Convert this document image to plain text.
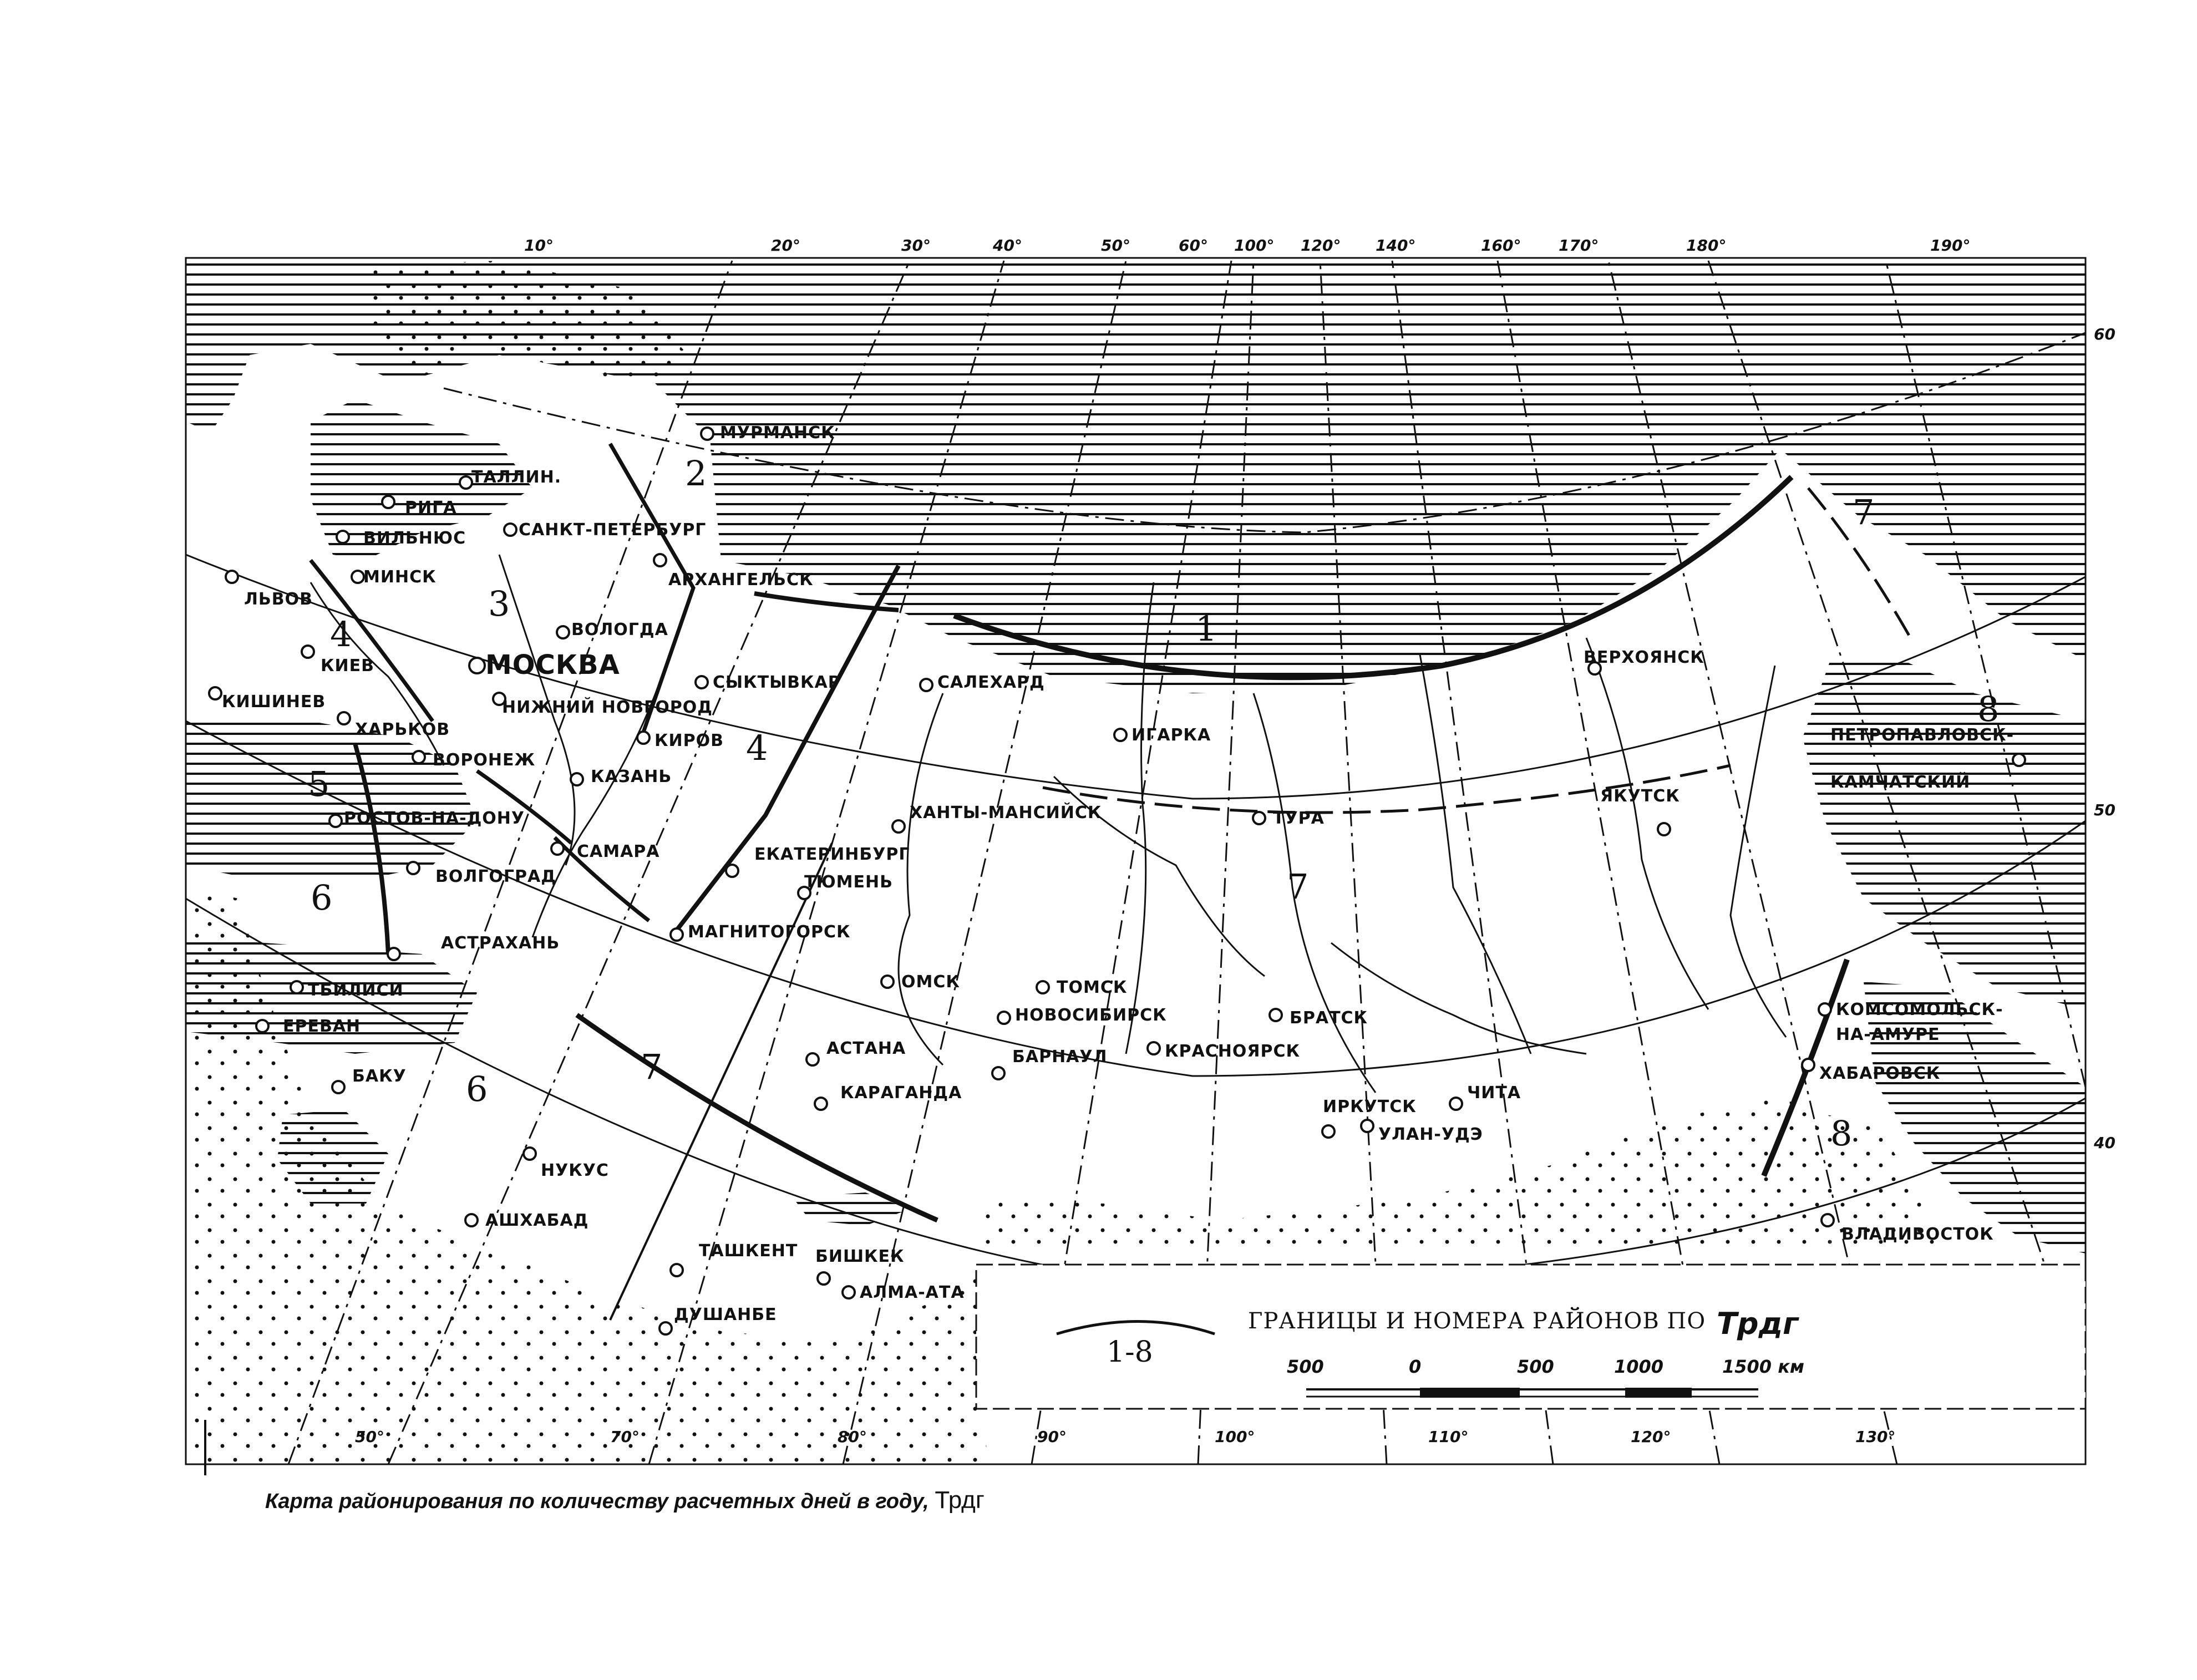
10°	20°	30°	40°	50°	60° 100° 120° 140°	160° 170°	180°	190°
60
50
40
50°	70°	80°	90°	100°	110°	120°	130°
1
2
3
4
4
5
6
6
7
7
7
8
8
МУРМАНСК
ТАЛЛИН.
РИГА
ВИЛЬНЮС	САНКТ-ПЕТЕРБУРГ
МИНСК	АРХАНГЕЛЬСК
ЛЬВОВ
ВОЛОГДА
КИЕВ	МОСКВА
КИШИНЕВ	НИЖНИЙ НОВГОРОД
СЫКТЫВКАР	САЛЕХАРД
ХАРЬКОВ
ВОРОНЕЖ
КИРОВ
КАЗАНЬ
РОСТОВ-НА-ДОНУ
САМАРА
ВОЛГОГРАД
ЕКАТЕРИНБУРГ
ТЮМЕНЬ
МАГНИТОГОРСК
АСТРАХАНЬ
ТБИЛИСИ
ЕРЕВАН
БАКУ
НУКУС
АШХАБАД
ТАШКЕНТ БИШКЕК
АЛМА-АТА
ДУШАНБЕ
ИГАРКА
ТУРА
ХАНТЫ-МАНСИЙСК
ОМСК	ТОМСК
НОВОСИБИРСК
БАРНАУЛ	КРАСНОЯРСК
АСТАНА
КАРАГАНДА
БРАТСК
ИРКУТСК
ЧИТА
УЛАН-УДЭ
ВЕРХОЯНСК
ЯКУТСК
ПЕТРОПАВЛОВСК-
КАМЧАТСКИЙ
КОМСОМОЛЬСК-
НА-АМУРЕ
ХАБАРОВСК
ВЛАДИВОСТОК
1-8
ГРАНИЦЫ И НОМЕРА РАЙОНОВ ПО Трдг
500	0	500	1000	1500 км
Карта районирования по количеству расчетных дней в году, Трдг
